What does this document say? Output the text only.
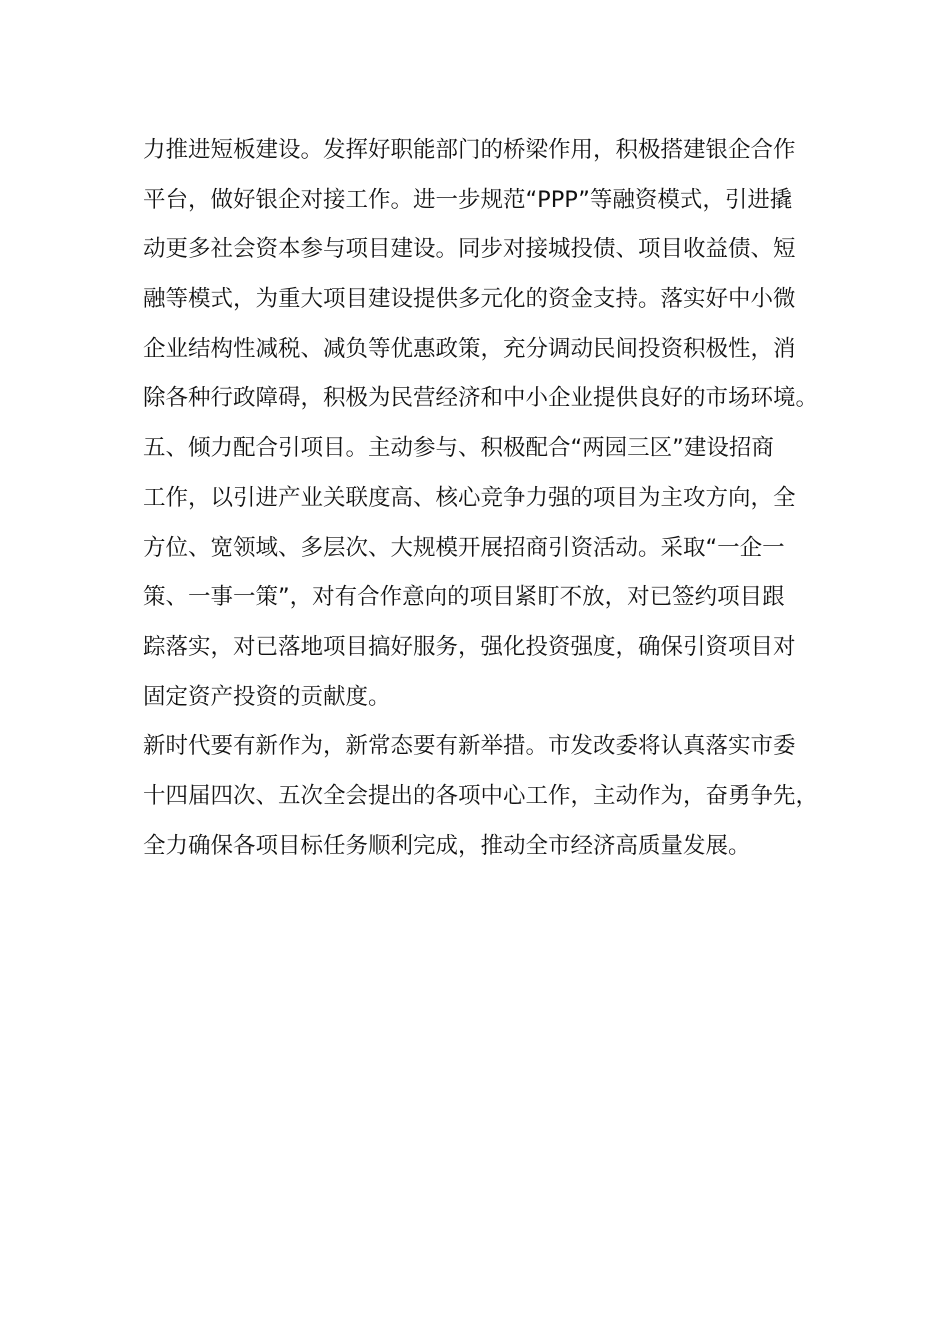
力推进短板建设。发挥好职能部门的桥梁作用，积极搭建银企合作
平台，做好银企对接工作。进一步规范“PPP”等融资模式，引进撬
动更多社会资本参与项目建设。同步对接城投债、项目收益债、短
融等模式，为重大项目建设提供多元化的资金支持。落实好中小微
企业结构性减税、减负等优惠政策，充分调动民间投资积极性，消
除各种行政障碍，积极为民营经济和中小企业提供良好的市场环境。
五、倾力配合引项目。主动参与、积极配合“两园三区”建设招商
工作，以引进产业关联度高、核心竞争力强的项目为主攻方向，全
方位、宽领域、多层次、大规模开展招商引资活动。采取“一企一
策、一事一策”，对有合作意向的项目紧盯不放，对已签约项目跟
踪落实，对已落地项目搞好服务，强化投资强度，确保引资项目对
固定资产投资的贡献度。
新时代要有新作为，新常态要有新举措。市发改委将认真落实市委
十四届四次、五次全会提出的各项中心工作，主动作为，奋勇争先，
全力确保各项目标任务顺利完成，推动全市经济高质量发展。
